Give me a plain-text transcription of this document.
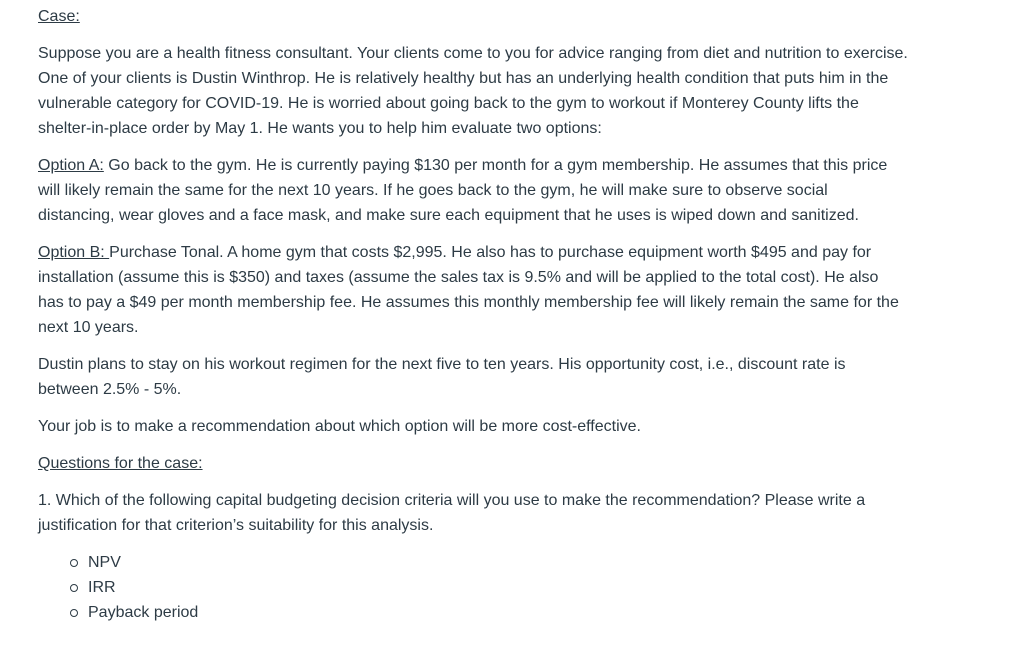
Case:

Suppose you are a health fitness consultant. Your clients come to you for advice ranging from diet and nutrition to exercise. One of your clients is Dustin Winthrop. He is relatively healthy but has an underlying health condition that puts him in the vulnerable category for COVID-19. He is worried about going back to the gym to workout if Monterey County lifts the shelter-in-place order by May 1. He wants you to help him evaluate two options:

Option A: Go back to the gym. He is currently paying $130 per month for a gym membership. He assumes that this price will likely remain the same for the next 10 years. If he goes back to the gym, he will make sure to observe social distancing, wear gloves and a face mask, and make sure each equipment that he uses is wiped down and sanitized.

Option B: Purchase Tonal. A home gym that costs $2,995. He also has to purchase equipment worth $495 and pay for installation (assume this is $350) and taxes (assume the sales tax is 9.5% and will be applied to the total cost). He also has to pay a $49 per month membership fee. He assumes this monthly membership fee will likely remain the same for the next 10 years.

Dustin plans to stay on his workout regimen for the next five to ten years. His opportunity cost, i.e., discount rate is between 2.5% - 5%.

Your job is to make a recommendation about which option will be more cost-effective.

Questions for the case:

1. Which of the following capital budgeting decision criteria will you use to make the recommendation? Please write a justification for that criterion’s suitability for this analysis.

NPV
IRR
Payback period
